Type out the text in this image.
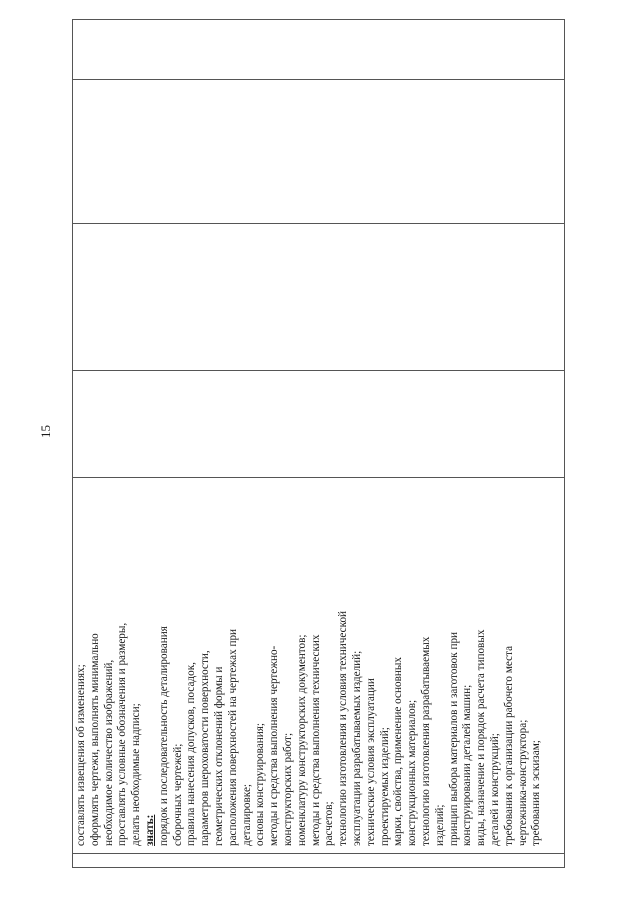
15

составлять извещения об изменениях; оформлять чертежи, выполнять минимально необходимое количество изображений, проставлять условные обозначения и размеры, делать необходимые надписи; знать: порядок и последовательность деталирования сборочных чертежей; правила нанесения допусков, посадок, параметров шероховатости поверхности, геометрических отклонений формы и расположения поверхностей на чертежах при деталировке; основы конструирования; методы и средства выполнения чертежно- конструкторских работ; номенклатуру конструкторских документов; методы и средства выполнения технических расчетов; технологию изготовления и условия технической эксплуатации разрабатываемых изделий; технические условия эксплуатации проектируемых изделий; марки, свойства, применение основных конструкционных материалов; технологию изготовления разрабатываемых изделий; принцип выбора материалов и заготовок при конструировании деталей машин; виды, назначение и порядок расчета типовых деталей и конструкций; требования к организации рабочего места чертежника-конструктора; требования к эскизам;
